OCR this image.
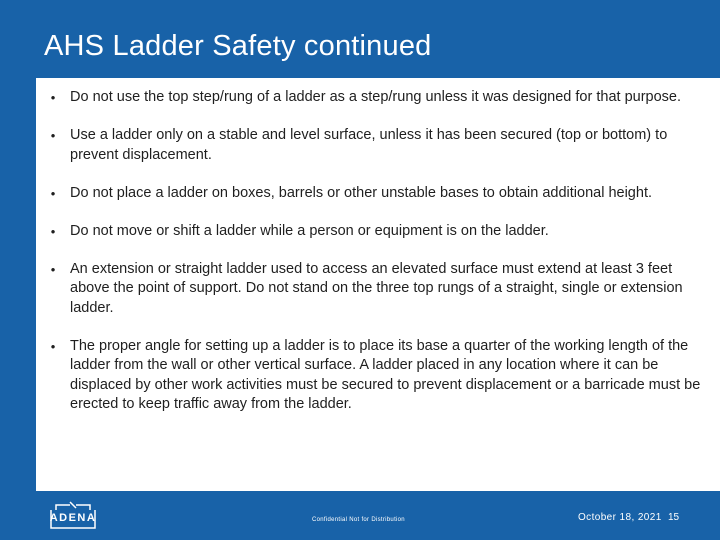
AHS Ladder Safety continued
•	Do not use the top step/rung of a ladder as a step/rung unless it was designed for that purpose.
•	Use a ladder only on a stable and level surface, unless it has been secured (top or bottom) to prevent displacement.
•	Do not place a ladder on boxes, barrels or other unstable bases to obtain additional height.
•	Do not move or shift a ladder while a person or equipment is on the ladder.
•	An extension or straight ladder used to access an elevated surface must extend at least 3 feet above the point of support. Do not stand on the three top rungs of a straight, single or extension ladder.
•	The proper angle for setting up a ladder is to place its base a quarter of the working length of the ladder from the wall or other vertical surface. A ladder placed in any location where it can be displaced by other work activities must be secured to prevent displacement or a barricade must be erected to keep traffic away from the ladder.
ADENA	Confidential Not for Distribution	October 18, 2021 15
